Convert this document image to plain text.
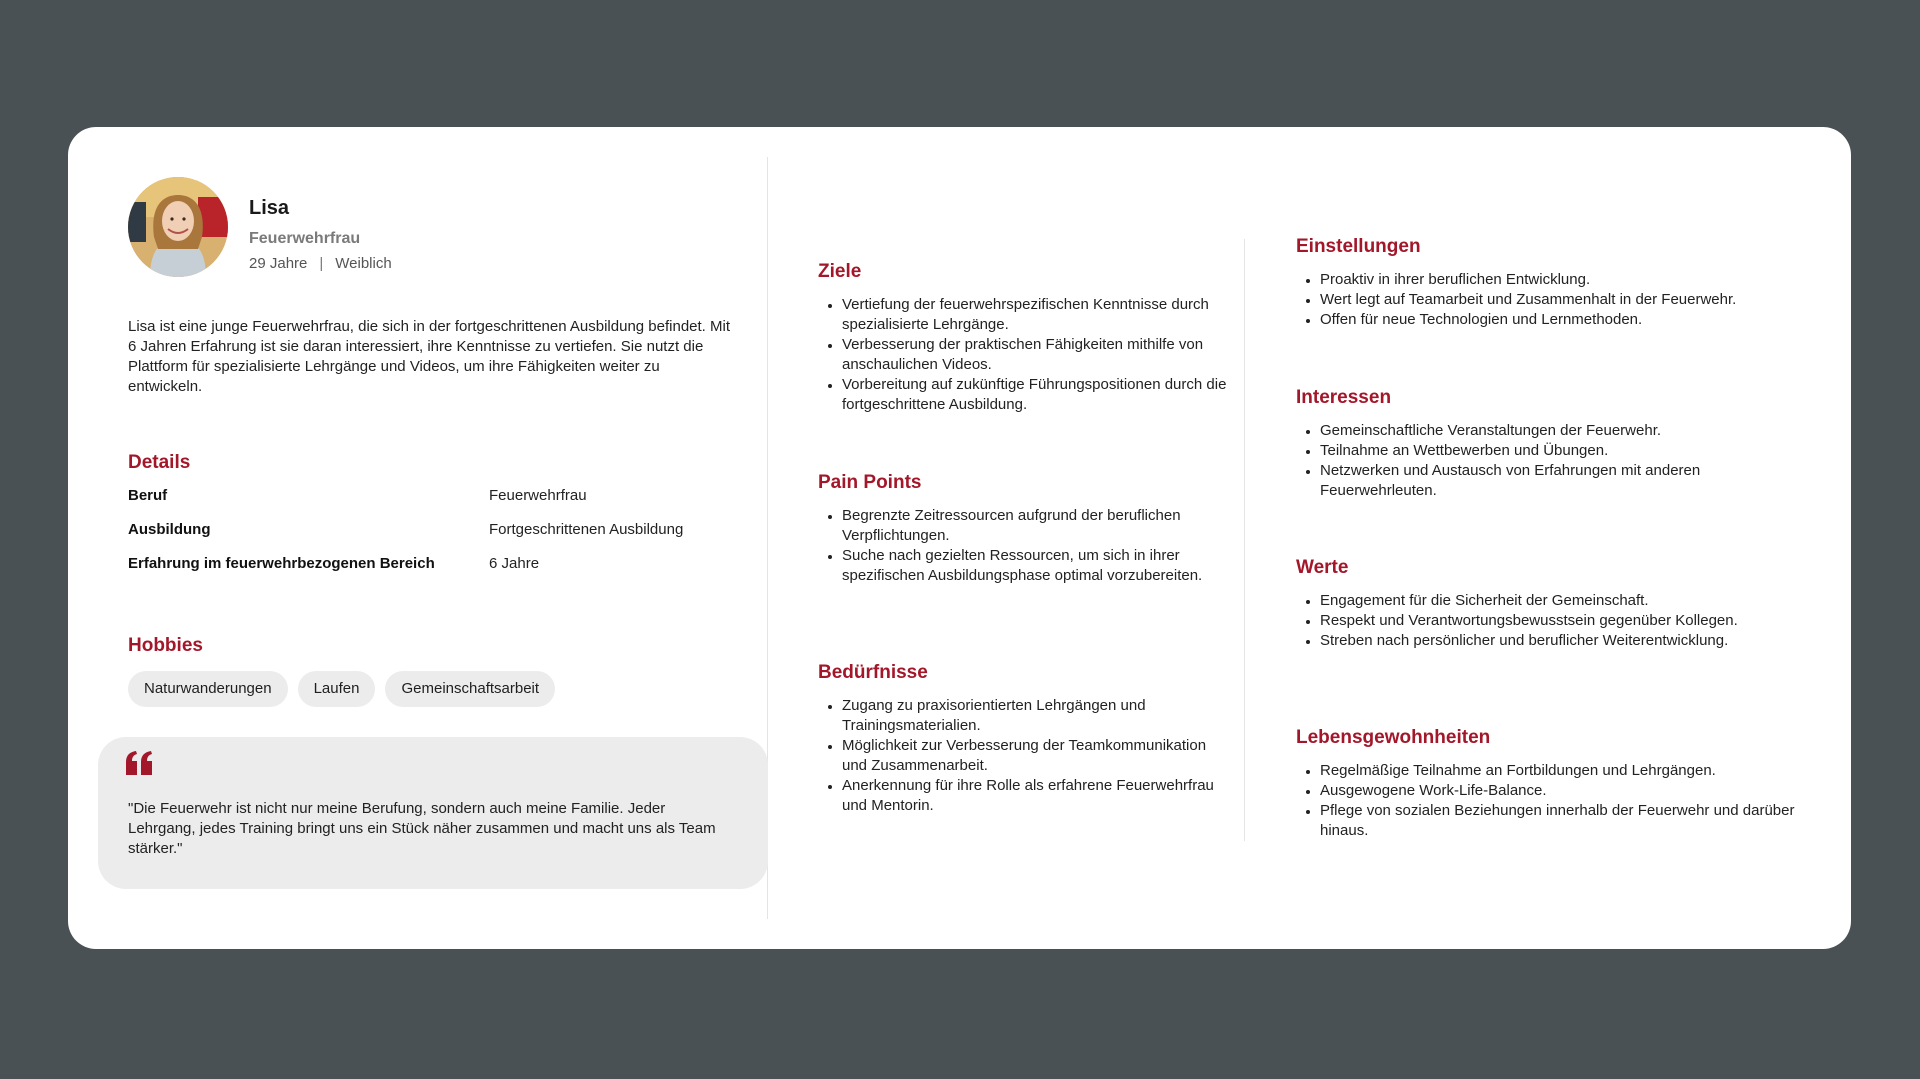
Lisa
Feuerwehrfrau
29 Jahre | Weiblich
Lisa ist eine junge Feuerwehrfrau, die sich in der fortgeschrittenen Ausbildung befindet. Mit 6 Jahren Erfahrung ist sie daran interessiert, ihre Kenntnisse zu vertiefen. Sie nutzt die Plattform für spezialisierte Lehrgänge und Videos, um ihre Fähigkeiten weiter zu entwickeln.
Details
Beruf	Feuerwehrfrau
Ausbildung	Fortgeschrittenen Ausbildung
Erfahrung im feuerwehrbezogenen Bereich	6 Jahre
Hobbies
Naturwanderungen	Laufen	Gemeinschaftsarbeit
"Die Feuerwehr ist nicht nur meine Berufung, sondern auch meine Familie. Jeder Lehrgang, jedes Training bringt uns ein Stück näher zusammen und macht uns als Team stärker."
Ziele
• Vertiefung der feuerwehrspezifischen Kenntnisse durch spezialisierte Lehrgänge.
• Verbesserung der praktischen Fähigkeiten mithilfe von anschaulichen Videos.
• Vorbereitung auf zukünftige Führungspositionen durch die fortgeschrittene Ausbildung.
Pain Points
• Begrenzte Zeitressourcen aufgrund der beruflichen Verpflichtungen.
• Suche nach gezielten Ressourcen, um sich in ihrer spezifischen Ausbildungsphase optimal vorzubereiten.
Bedürfnisse
• Zugang zu praxisorientierten Lehrgängen und Trainingsmaterialien.
• Möglichkeit zur Verbesserung der Teamkommunikation und Zusammenarbeit.
• Anerkennung für ihre Rolle als erfahrene Feuerwehrfrau und Mentorin.
Einstellungen
• Proaktiv in ihrer beruflichen Entwicklung.
• Wert legt auf Teamarbeit und Zusammenhalt in der Feuerwehr.
• Offen für neue Technologien und Lernmethoden.
Interessen
• Gemeinschaftliche Veranstaltungen der Feuerwehr.
• Teilnahme an Wettbewerben und Übungen.
• Netzwerken und Austausch von Erfahrungen mit anderen Feuerwehrleuten.
Werte
• Engagement für die Sicherheit der Gemeinschaft.
• Respekt und Verantwortungsbewusstsein gegenüber Kollegen.
• Streben nach persönlicher und beruflicher Weiterentwicklung.
Lebensgewohnheiten
• Regelmäßige Teilnahme an Fortbildungen und Lehrgängen.
• Ausgewogene Work-Life-Balance.
• Pflege von sozialen Beziehungen innerhalb der Feuerwehr und darüber hinaus.
